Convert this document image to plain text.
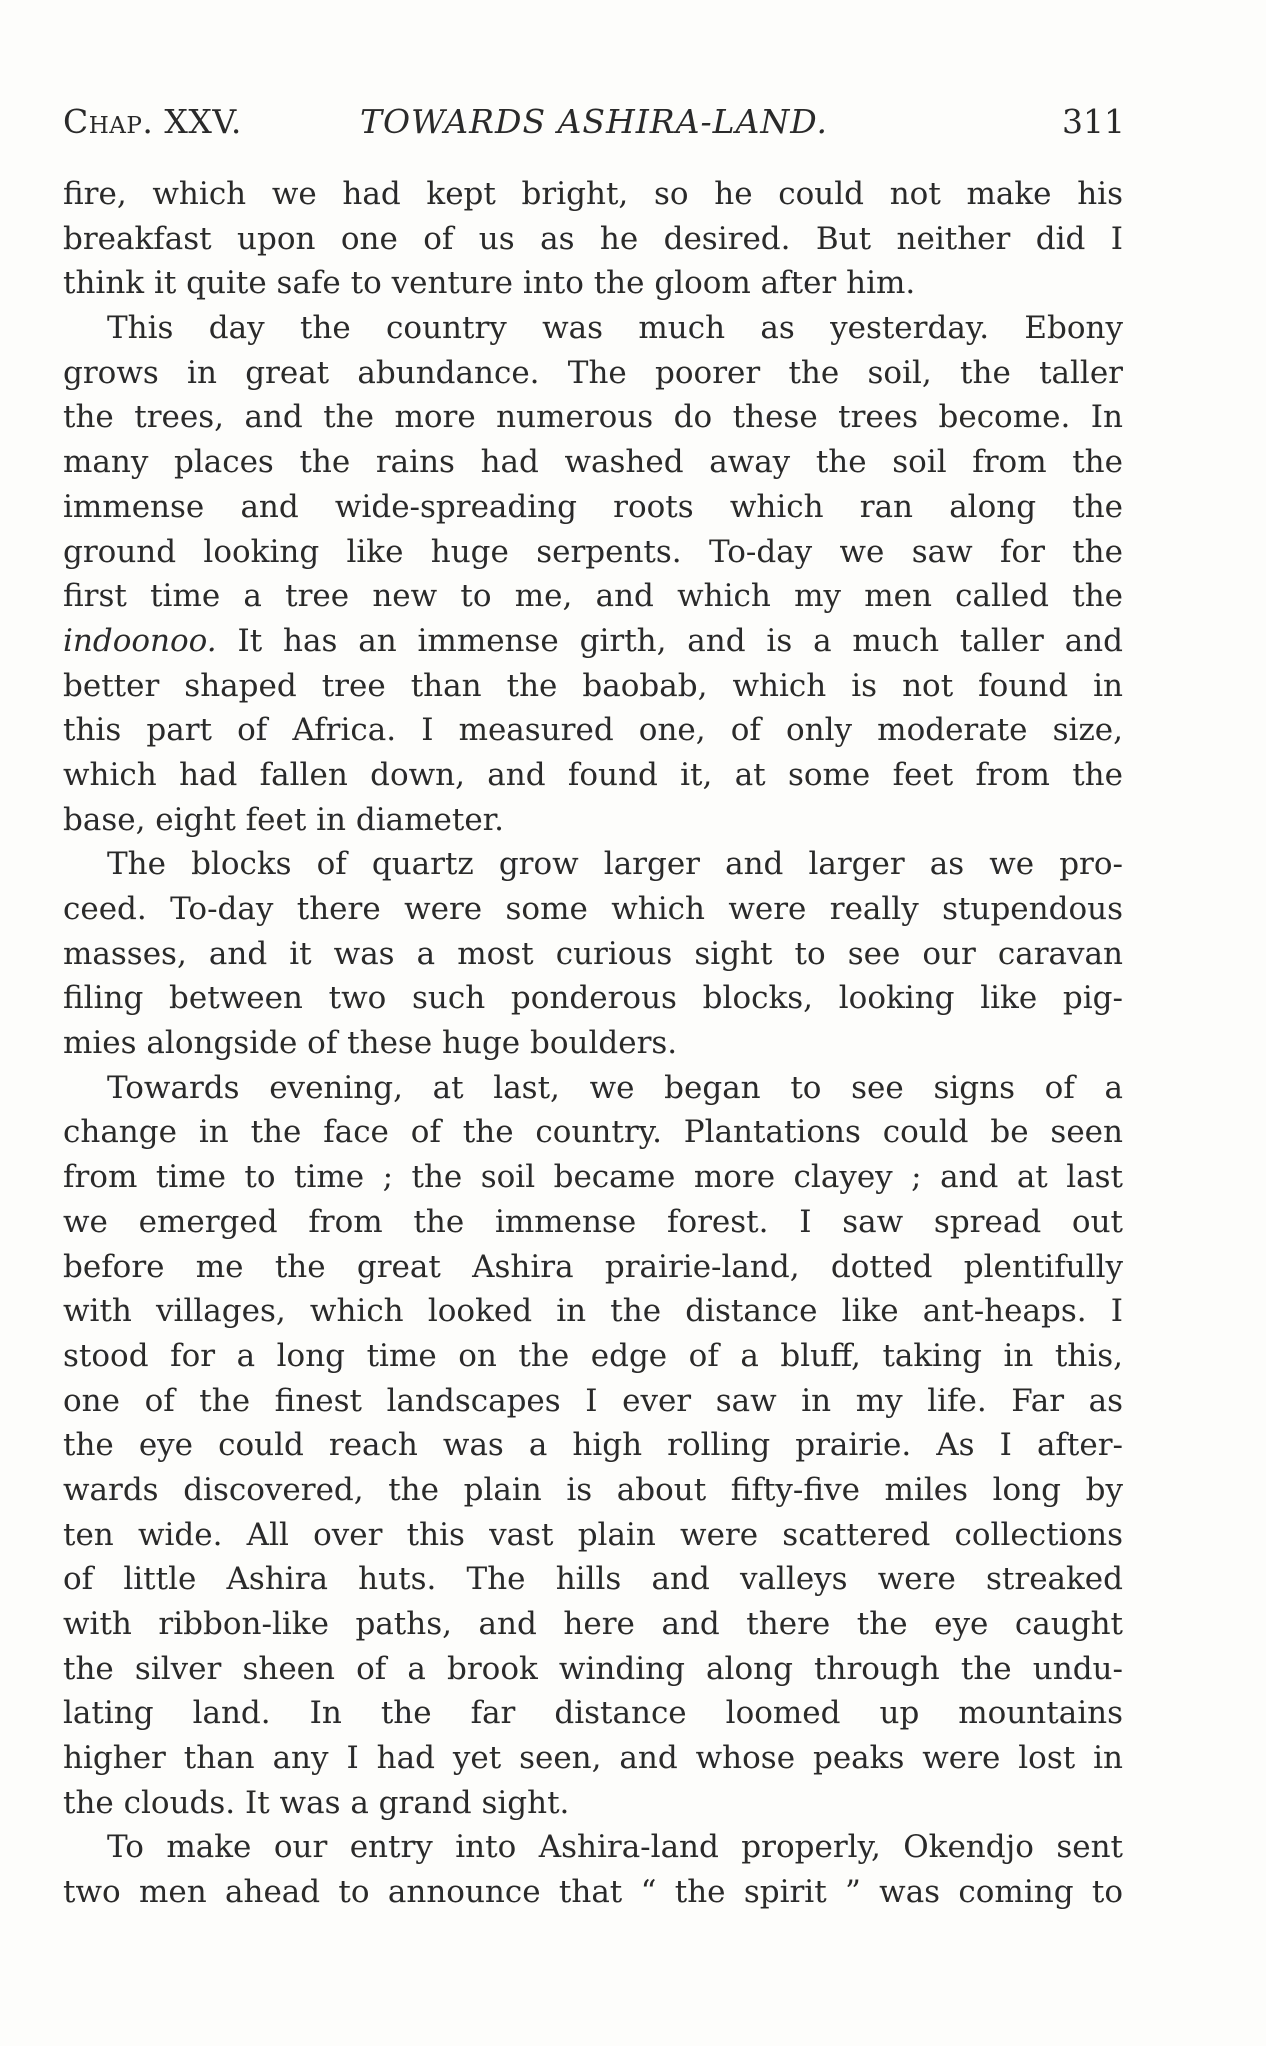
Chap. XXV.	TOWARDS ASHIRA-LAND.	311
fire, which we had kept bright, so he could not make his
breakfast upon one of us as he desired. But neither did I
think it quite safe to venture into the gloom after him.
This day the country was much as yesterday. Ebony
grows in great abundance. The poorer the soil, the taller
the trees, and the more numerous do these trees become. In
many places the rains had washed away the soil from the
immense and wide-spreading roots which ran along the
ground looking like huge serpents. To-day we saw for the
first time a tree new to me, and which my men called the
indoonoo. It has an immense girth, and is a much taller and
better shaped tree than the baobab, which is not found in
this part of Africa. I measured one, of only moderate size,
which had fallen down, and found it, at some feet from the
base, eight feet in diameter.
The blocks of quartz grow larger and larger as we pro-
ceed. To-day there were some which were really stupendous
masses, and it was a most curious sight to see our caravan
filing between two such ponderous blocks, looking like pig-
mies alongside of these huge boulders.
Towards evening, at last, we began to see signs of a
change in the face of the country. Plantations could be seen
from time to time ; the soil became more clayey ; and at last
we emerged from the immense forest. I saw spread out
before me the great Ashira prairie-land, dotted plentifully
with villages, which looked in the distance like ant-heaps. I
stood for a long time on the edge of a bluff, taking in this,
one of the finest landscapes I ever saw in my life. Far as
the eye could reach was a high rolling prairie. As I after-
wards discovered, the plain is about fifty-five miles long by
ten wide. All over this vast plain were scattered collections
of little Ashira huts. The hills and valleys were streaked
with ribbon-like paths, and here and there the eye caught
the silver sheen of a brook winding along through the undu-
lating land. In the far distance loomed up mountains
higher than any I had yet seen, and whose peaks were lost in
the clouds. It was a grand sight.
To make our entry into Ashira-land properly, Okendjo sent
two men ahead to announce that “ the spirit ” was coming to
